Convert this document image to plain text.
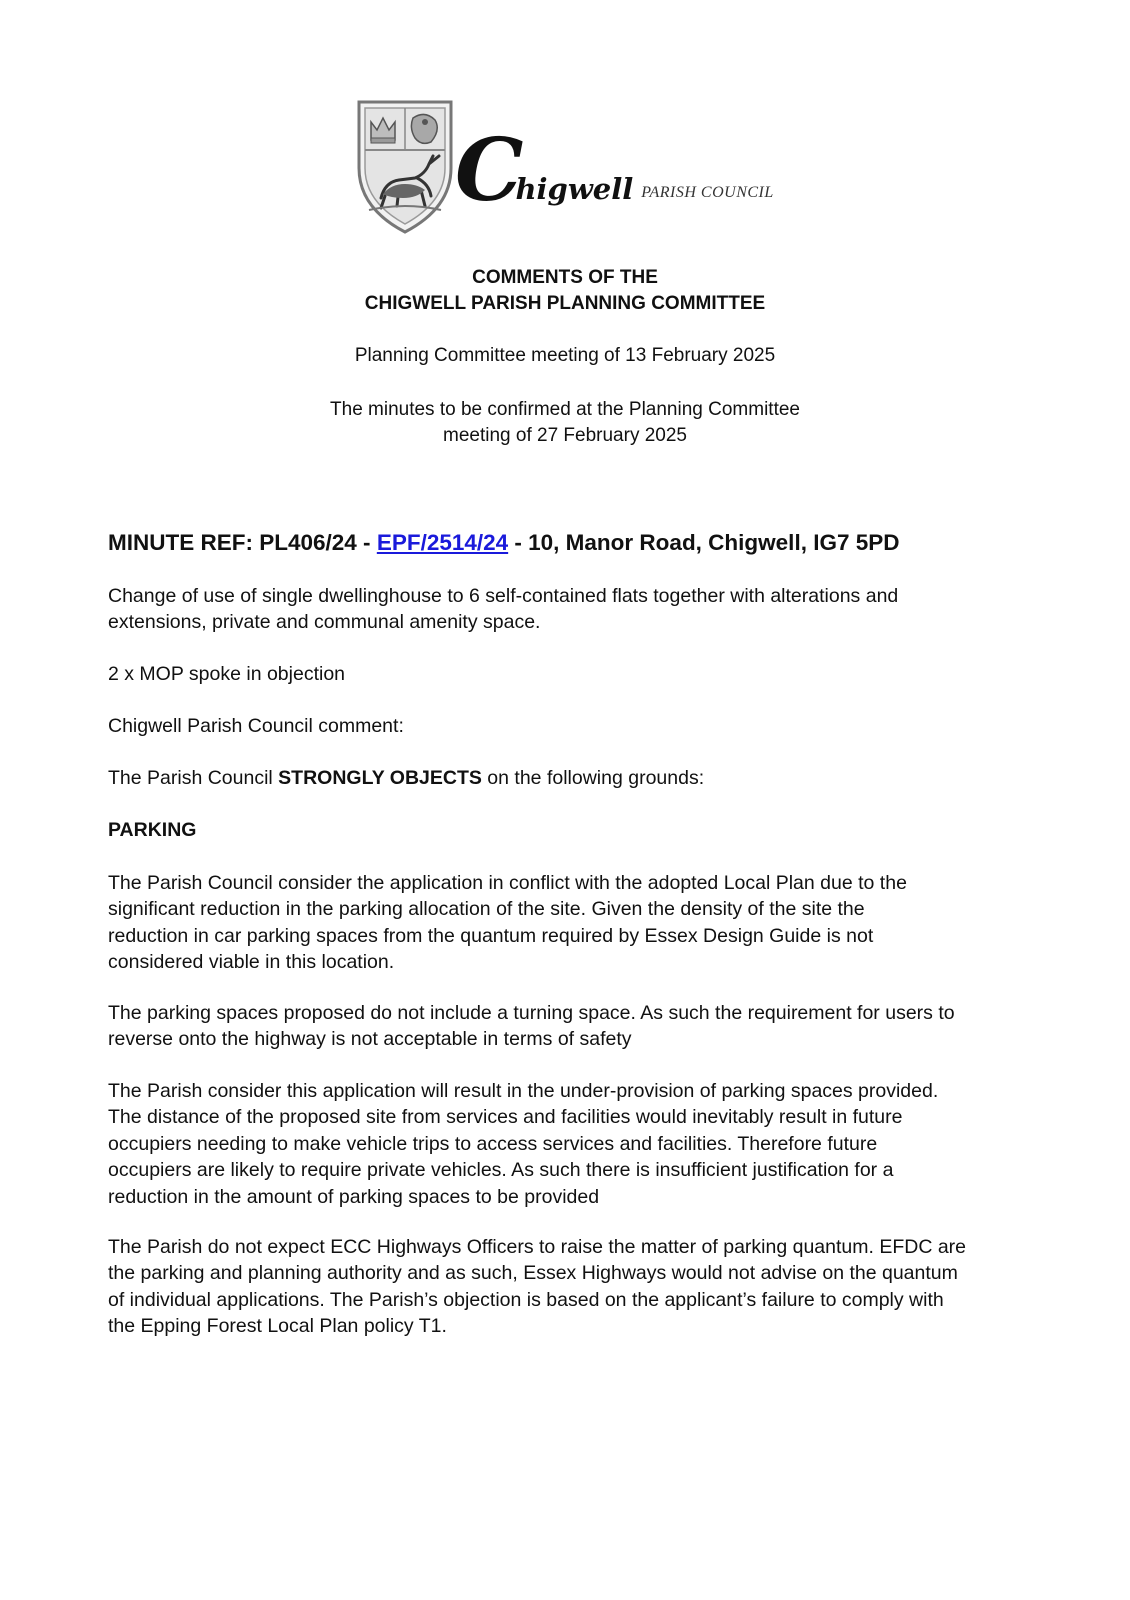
Chigwell PARISH COUNCIL
COMMENTS OF THE
CHIGWELL PARISH PLANNING COMMITTEE
Planning Committee meeting of 13 February 2025
The minutes to be confirmed at the Planning Committee
meeting of 27 February 2025
MINUTE REF: PL406/24 - EPF/2514/24 - 10, Manor Road, Chigwell, IG7 5PD
Change of use of single dwellinghouse to 6 self-contained flats together with alterations and
extensions, private and communal amenity space.
2 x MOP spoke in objection
Chigwell Parish Council comment:
The Parish Council STRONGLY OBJECTS on the following grounds:
PARKING
The Parish Council consider the application in conflict with the adopted Local Plan due to the
significant reduction in the parking allocation of the site. Given the density of the site the
reduction in car parking spaces from the quantum required by Essex Design Guide is not
considered viable in this location.
The parking spaces proposed do not include a turning space. As such the requirement for users to
reverse onto the highway is not acceptable in terms of safety
The Parish consider this application will result in the under-provision of parking spaces provided.
The distance of the proposed site from services and facilities would inevitably result in future
occupiers needing to make vehicle trips to access services and facilities. Therefore future
occupiers are likely to require private vehicles. As such there is insufficient justification for a
reduction in the amount of parking spaces to be provided
The Parish do not expect ECC Highways Officers to raise the matter of parking quantum. EFDC are
the parking and planning authority and as such, Essex Highways would not advise on the quantum
of individual applications. The Parish’s objection is based on the applicant’s failure to comply with
the Epping Forest Local Plan policy T1.
